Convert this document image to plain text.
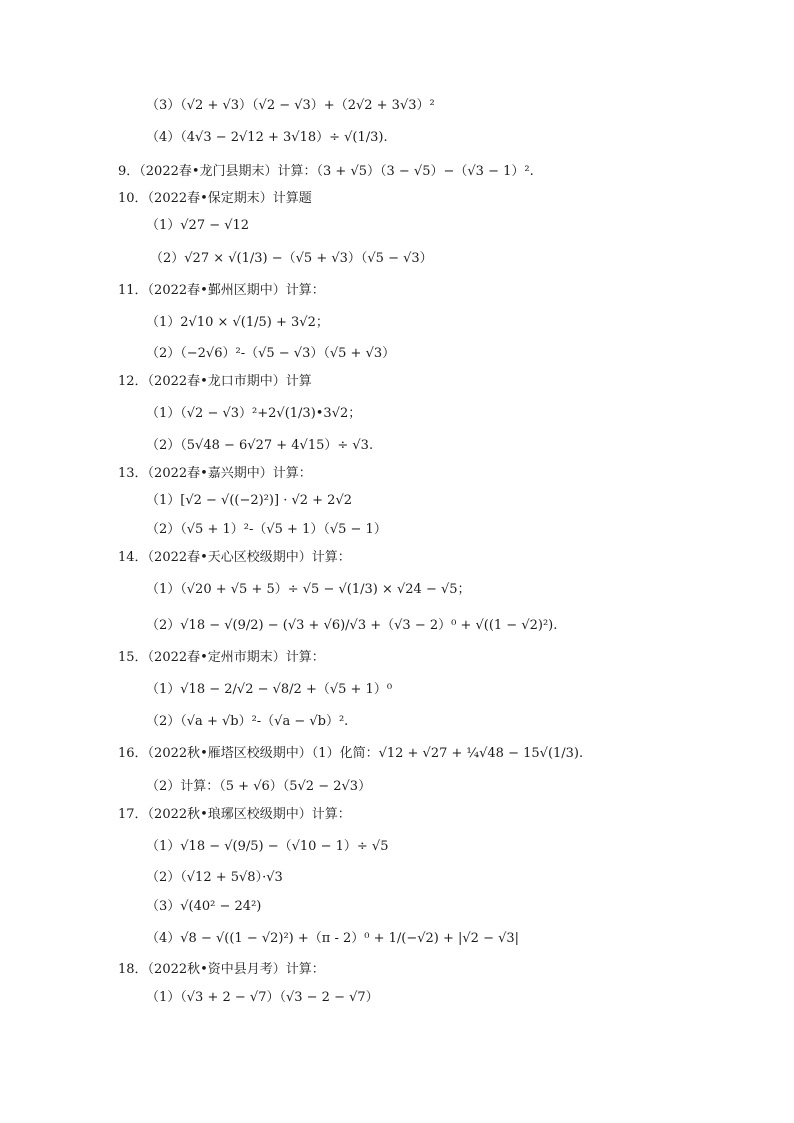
（3）（√2 + √3）（√2 − √3）+（2√2 + 3√3）²
（4）（4√3 − 2√12 + 3√18）÷ √(1/3).
9．（2022春•龙门县期末）计算：（3 + √5）（3 − √5）−（√3 − 1）².
10．（2022春•保定期末）计算题
（1）√27 − √12
（2）√27 × √(1/3) −（√5 + √3）（√5 − √3）
11．（2022春•鄞州区期中）计算：
（1）2√10 × √(1/5) + 3√2；
（2）（−2√6）²-（√5 − √3）（√5 + √3）
12．（2022春•龙口市期中）计算
（1）（√2 − √3）²+2√(1/3)•3√2；
（2）（5√48 − 6√27 + 4√15）÷ √3.
13．（2022春•嘉兴期中）计算：
（1）[√2 − √((−2)²)] · √2 + 2√2
（2）（√5 + 1）²-（√5 + 1）（√5 − 1）
14．（2022春•天心区校级期中）计算：
（1）（√20 + √5 + 5）÷ √5 − √(1/3) × √24 − √5；
（2）√18 − √(9/2) − (√3 + √6)/√3 +（√3 − 2）⁰ + √((1 − √2)²).
15．（2022春•定州市期末）计算：
（1）√18 − 2/√2 − √8/2 +（√5 + 1）⁰
（2）（√a + √b）²-（√a − √b）².
16．（2022秋•雁塔区校级期中）（1）化简：√12 + √27 + ¼√48 − 15√(1/3).
（2）计算：（5 + √6）（5√2 − 2√3）
17．（2022秋•琅琊区校级期中）计算：
（1）√18 − √(9/5) −（√10 − 1）÷ √5
（2）（√12 + 5√8）·√3
（3）√(40² − 24²)
（4）√8 − √((1 − √2)²) +（π - 2）⁰ + 1/(−√2) + |√2 − √3|
18．（2022秋•资中县月考）计算：
（1）（√3 + 2 − √7）（√3 − 2 − √7）
